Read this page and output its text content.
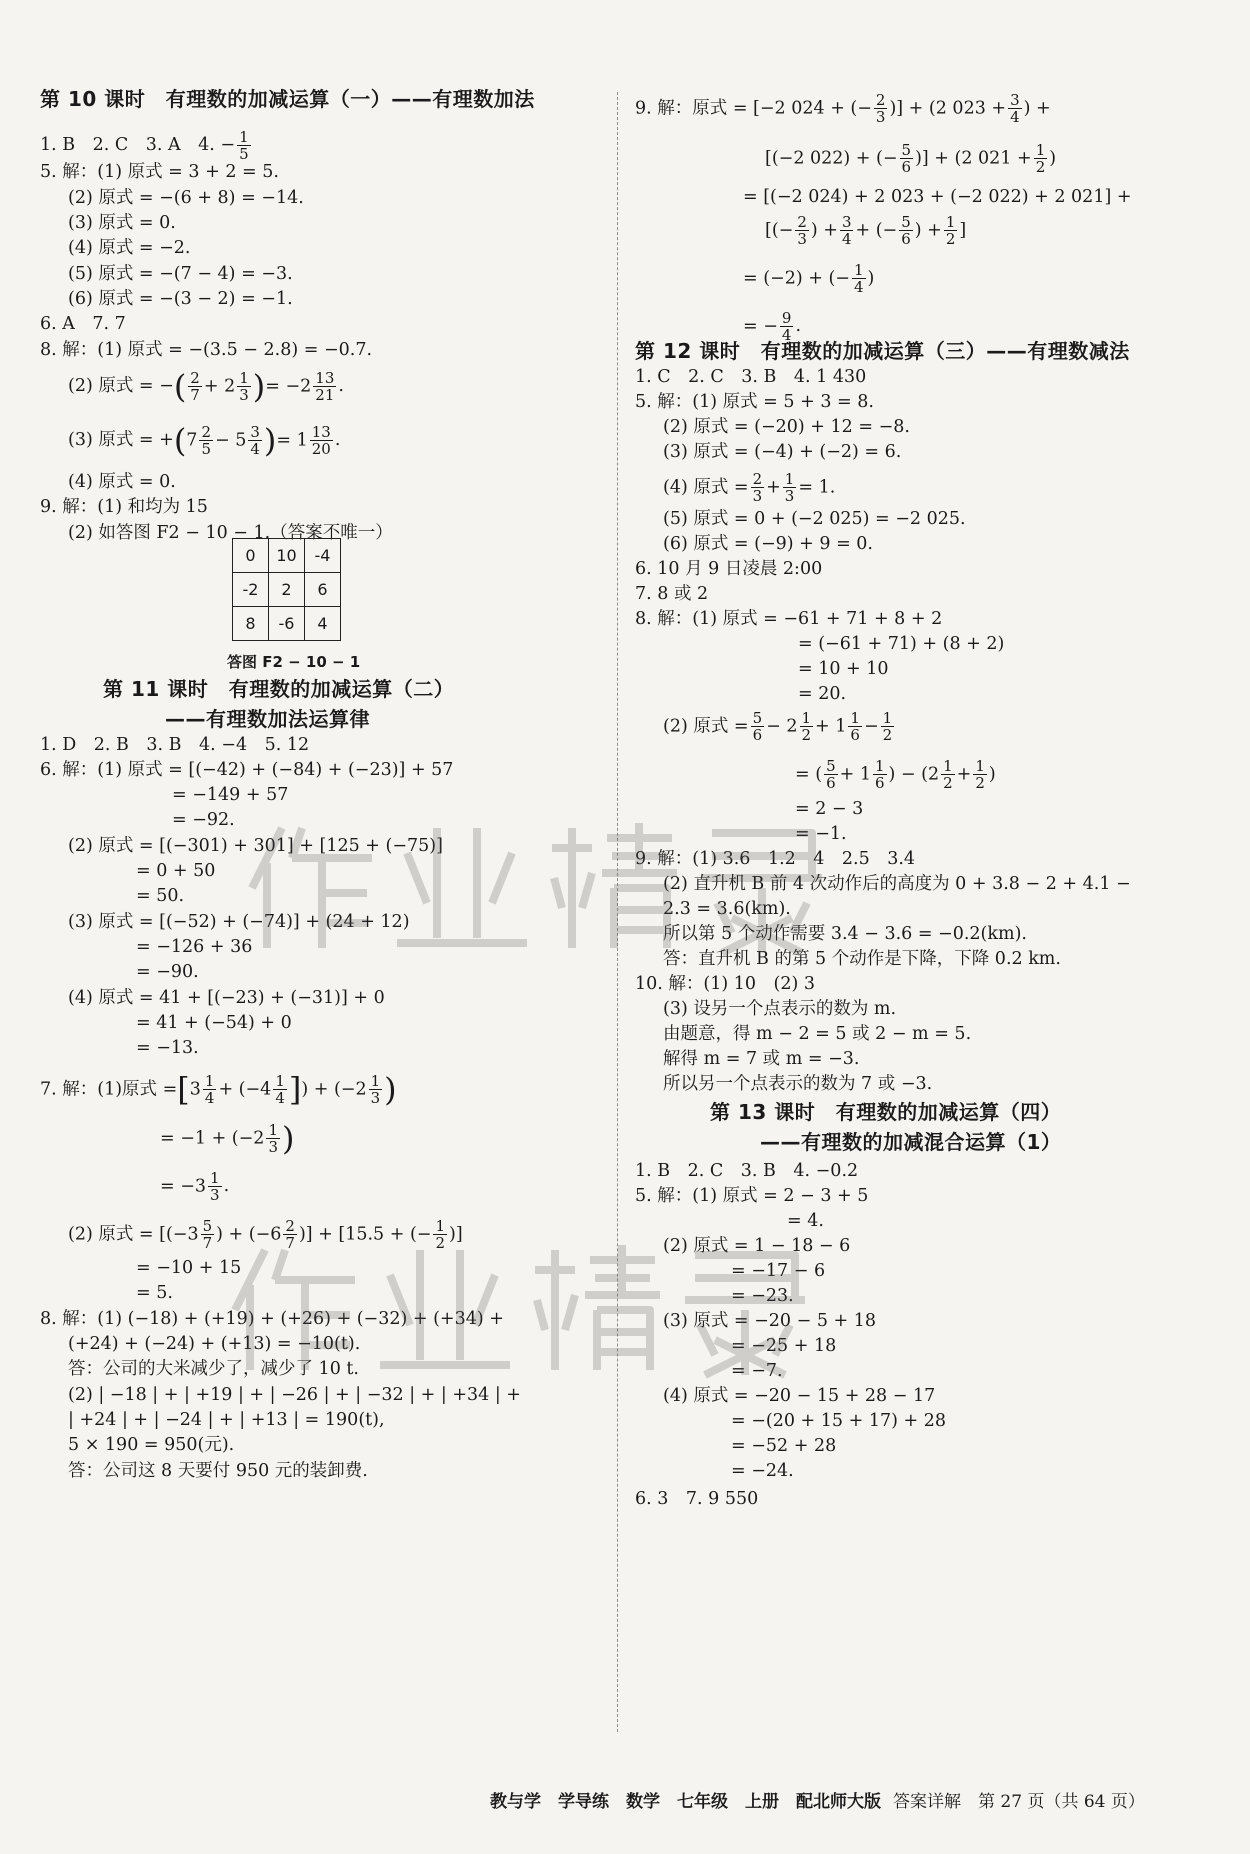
第 10 课时　有理数的加减运算（一）——有理数加法
1. B　2. C　3. A　4. − $\frac{1}{5}$
5. 解：(1) 原式 = 3 + 2 = 5.
(2) 原式 = −(6 + 8) = −14.
(3) 原式 = 0.
(4) 原式 = −2.
(5) 原式 = −(7 − 4) = −3.
(6) 原式 = −(3 − 2) = −1.
6. A　7. 7
8. 解：(1) 原式 = −(3.5 − 2.8) = −0.7.
(2) 原式 = −( $\frac{2}{7} + 2 \frac{1}{3}$ )= $-2 \frac{13}{21}$ .
(3) 原式 = $+(7 \frac{2}{5} - 5 \frac{3}{4}$ )= $1 \frac{13}{20}$ .
(4) 原式 = 0.
9. 解：(1) 和均为 15
(2) 如答图 F2 − 10 − 1.（答案不唯一）
0	10	-4
-2	2	6
8	-6	4
答图 F2 − 10 − 1
第 11 课时　有理数的加减运算（二）
——有理数加法运算律
1. D　2. B　3. B　4. −4　5. 12
6. 解：(1) 原式 = [(−42) + (−84) + (−23)] + 57
= −149 + 57
= −92.
(2) 原式 = [(−301) + 301] + [125 + (−75)]
= 0 + 50
= 50.
(3) 原式 = [(−52) + (−74)] + (24 + 12)
= −126 + 36
= −90.
(4) 原式 = 41 + [(−23) + (−31)] + 0
= 41 + (−54) + 0
= −13.
7. 解：(1)原式 $=[3 \frac{1}{4} + (-4 \frac{1}{4}$ ]) + ($-2 \frac{1}{3}$ )
= $-1 + (-2 \frac{1}{3}$ )
= $-3 \frac{1}{3}$ .
(2) 原式 = [($-3 \frac{5}{7}$ ) + ($-6 \frac{2}{7}$ )] + [15.5 + (− $\frac{1}{2}$ )]
= −10 + 15
= 5.
8. 解：(1) (−18) + (+19) + (+26) + (−32) + (+34) +
(+24) + (−24) + (+13) = −10(t).
答：公司的大米减少了，减少了 10 t.
(2) | −18 | + | +19 | + | −26 | + | −32 | + | +34 | +
| +24 | + | −24 | + | +13 | = 190(t),
5 × 190 = 950(元).
答：公司这 8 天要付 950 元的装卸费.
9. 解：原式 = [−2 024 + (− $\frac{2}{3}$ )] + (2 $023 + \frac{3}{4}$ ) +
[(−2 022) + (− $\frac{5}{6}$ )] + (2 $021 + \frac{1}{2}$ )
= [(−2 024) + 2 023 + (−2 022) + 2 021] +
[(− $\frac{2}{3}$ ) + $\frac{3}{4}$ + (− $\frac{5}{6}$ ) + $\frac{1}{2}$ ]
= (−2) + (− $\frac{1}{4}$ )
= − $\frac{9}{4}$ .
第 12 课时　有理数的加减运算（三）——有理数减法
1. C　2. C　3. B　4. 1 430
5. 解：(1) 原式 = 5 + 3 = 8.
(2) 原式 = (−20) + 12 = −8.
(3) 原式 = (−4) + (−2) = 6.
(4) 原式 = $\frac{2}{3} + \frac{1}{3} = 1$.
(5) 原式 = 0 + (−2 025) = −2 025.
(6) 原式 = (−9) + 9 = 0.
6. 10 月 9 日凌晨 2:00
7. 8 或 2
8. 解：(1) 原式 = −61 + 71 + 8 + 2
= (−61 + 71) + (8 + 2)
= 10 + 10
= 20.
(2) 原式 = $\frac{5}{6} - 2 \frac{1}{2} + 1 \frac{1}{6} - \frac{1}{2}$
= ( $\frac{5}{6} + 1 \frac{1}{6}$ ) − ($2 \frac{1}{2} + \frac{1}{2}$ )
= 2 − 3
= −1.
9. 解：(1) 3.6　1.2　4　2.5　3.4
(2) 直升机 B 前 4 次动作后的高度为 0 + 3.8 − 2 + 4.1 −
2.3 = 3.6(km).
所以第 5 个动作需要 3.4 − 3.6 = −0.2(km).
答：直升机 B 的第 5 个动作是下降，下降 0.2 km.
10. 解：(1) 10　(2) 3
(3) 设另一个点表示的数为 m.
由题意，得 m − 2 = 5 或 2 − m = 5.
解得 m = 7 或 m = −3.
所以另一个点表示的数为 7 或 −3.
第 13 课时　有理数的加减运算（四）
——有理数的加减混合运算（1）
1. B　2. C　3. B　4. −0.2
5. 解：(1) 原式 = 2 − 3 + 5
= 4.
(2) 原式 = 1 − 18 − 6
= −17 − 6
= −23.
(3) 原式 = −20 − 5 + 18
= −25 + 18
= −7.
(4) 原式 = −20 − 15 + 28 − 17
= −(20 + 15 + 17) + 28
= −52 + 28
= −24.
6. 3　7. 9 550
教与学　学导练　数学　七年级　上册　配北师大版 答案详解　第 27 页（共 64 页）
